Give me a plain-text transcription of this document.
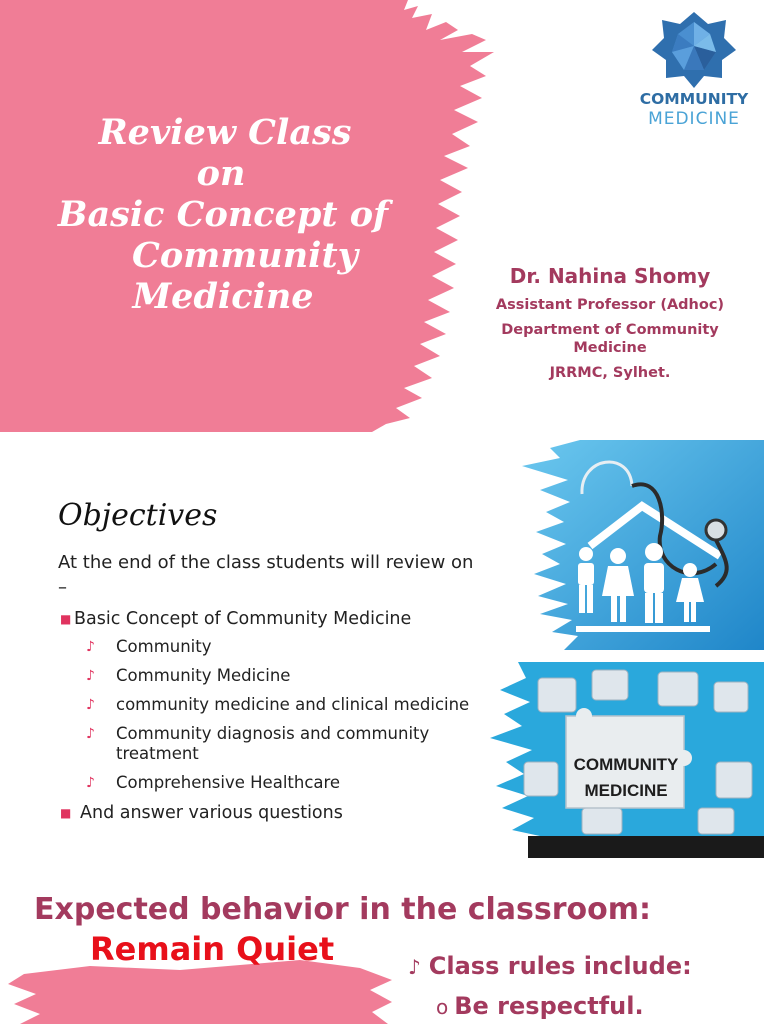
Review Class
on
Basic Concept of
Community
Medicine
COMMUNITY
MEDICINE
Dr. Nahina Shomy
Assistant Professor (Adhoc)
Department of Community Medicine
JRRMC, Sylhet.
Objectives
At the end of the class students will review on –
■ Basic Concept of Community Medicine
♪ Community
♪ Community Medicine
♪ community medicine and clinical medicine
♪ Community diagnosis and community treatment
♪ Comprehensive Healthcare
■ And answer various questions
COMMUNITY
MEDICINE
Expected behavior in the classroom:
Remain Quiet	♪ Class rules include:
o Be respectful.
